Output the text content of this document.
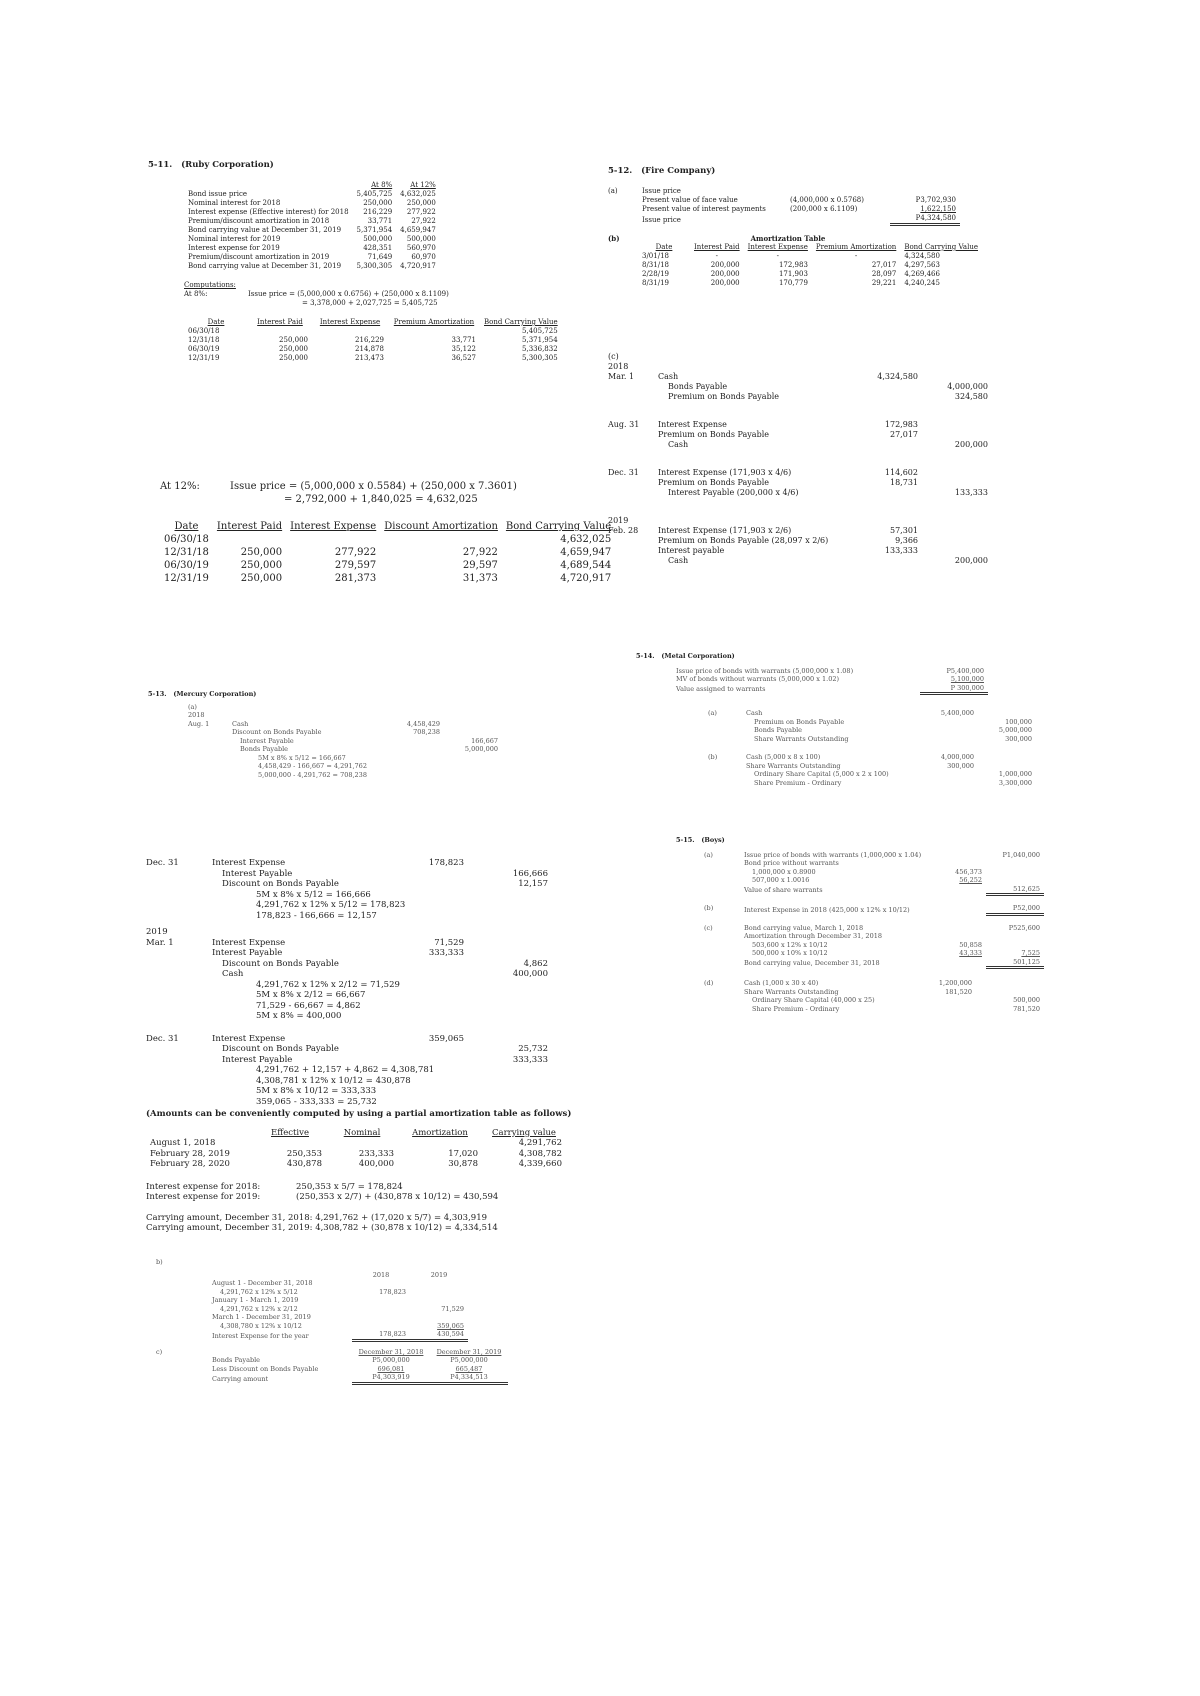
5-11. (Ruby Corporation)
	At 8%	At 12%
Bond issue price	5,405,725	4,632,025
Nominal interest for 2018	250,000	250,000
Interest expense (Effective interest) for 2018	216,229	277,922
Premium/discount amortization in 2018	33,771	27,922
Bond carrying value at December 31, 2019	5,371,954	4,659,947
Nominal interest for 2019	500,000	500,000
Interest expense for 2019	428,351	560,970
Premium/discount amortization in 2019	71,649	60,970
Bond carrying value at December 31, 2019	5,300,305	4,720,917
Computations:
At 8%:	Issue price = (5,000,000 x 0.6756) + (250,000 x 8.1109)
= 3,378,000 + 2,027,725 = 5,405,725
Date	Interest Paid	Interest Expense	Premium Amortization	Bond Carrying Value
06/30/18				5,405,725
12/31/18	250,000	216,229	33,771	5,371,954
06/30/19	250,000	214,878	35,122	5,336,832
12/31/19	250,000	213,473	36,527	5,300,305
At 12%:	Issue price = (5,000,000 x 0.5584) + (250,000 x 7.3601)
= 2,792,000 + 1,840,025 = 4,632,025
Date	Interest Paid	Interest Expense	Discount Amortization	Bond Carrying Value
06/30/18				4,632,025
12/31/18	250,000	277,922	27,922	4,659,947
06/30/19	250,000	279,597	29,597	4,689,544
12/31/19	250,000	281,373	31,373	4,720,917
5-12. (Fire Company)
(a)	Issue price		
Present value of face value	(4,000,000 x 0.5768)	P3,702,930
Present value of interest payments	(200,000 x 6.1109)	1,622,150
Issue price		P4,324,580
(b)	Amortization Table
Date	Interest Paid	Interest Expense	Premium Amortization	Bond Carrying Value
3/01/18	-	-	-	4,324,580
8/31/18	200,000	172,983	27,017	4,297,563
2/28/19	200,000	171,903	28,097	4,269,466
8/31/19	200,000	170,779	29,221	4,240,245
(c)
2018
Mar. 1	Cash	4,324,580	
Bonds Payable		4,000,000
Premium on Bonds Payable		324,580
Aug. 31	Interest Expense	172,983	
Premium on Bonds Payable	27,017	
Cash		200,000
Dec. 31	Interest Expense (171,903 x 4/6)	114,602	
Premium on Bonds Payable	18,731	
Interest Payable (200,000 x 4/6)		133,333
2019
Feb. 28	Interest Expense (171,903 x 2/6)	57,301	
Premium on Bonds Payable (28,097 x 2/6)	9,366	
Interest payable	133,333	
Cash		200,000
5-13. (Mercury Corporation)
(a)
2018
Aug. 1	Cash	4,458,429	
Discount on Bonds Payable	708,238	
Interest Payable		166,667
Bonds Payable		5,000,000
5M x 8% x 5/12 = 166,667
4,458,429 - 166,667 = 4,291,762
5,000,000 - 4,291,762 = 708,238
Dec. 31	Interest Expense	178,823	
Interest Payable		166,666
Discount on Bonds Payable		12,157
5M x 8% x 5/12 = 166,666
4,291,762 x 12% x 5/12 = 178,823
178,823 - 166,666 = 12,157
2019
Mar. 1	Interest Expense	71,529	
Interest Payable	333,333	
Discount on Bonds Payable		4,862
Cash		400,000
4,291,762 x 12% x 2/12 = 71,529
5M x 8% x 2/12 = 66,667
71,529 - 66,667 = 4,862
5M x 8% = 400,000
Dec. 31	Interest Expense	359,065	
Discount on Bonds Payable		25,732
Interest Payable		333,333
4,291,762 + 12,157 + 4,862 = 4,308,781
4,308,781 x 12% x 10/12 = 430,878
5M x 8% x 10/12 = 333,333
359,065 - 333,333 = 25,732
(Amounts can be conveniently computed by using a partial amortization table as follows)
	Effective	Nominal	Amortization	Carrying value
August 1, 2018				4,291,762
February 28, 2019	250,353	233,333	17,020	4,308,782
February 28, 2020	430,878	400,000	30,878	4,339,660
Interest expense for 2018:	250,353 x 5/7 = 178,824
Interest expense for 2019:	(250,353 x 2/7) + (430,878 x 10/12) = 430,594
Carrying amount, December 31, 2018: 4,291,762 + (17,020 x 5/7) = 4,303,919
Carrying amount, December 31, 2019: 4,308,782 + (30,878 x 10/12) = 4,334,514
b)
	2018	2019
August 1 - December 31, 2018		
4,291,762 x 12% x 5/12	178,823	
January 1 - March 1, 2019		
4,291,762 x 12% x 2/12		71,529
March 1 - December 31, 2019		
4,308,780 x 12% x 10/12		359,065
Interest Expense for the year	178,823	430,594
c)
		December 31, 2018	December 31, 2019
Bonds Payable	P5,000,000	P5,000,000
Less Discount on Bonds Payable	696,081	665,487
Carrying amount	P4,303,919	P4,334,513
5-14. (Metal Corporation)
Issue price of bonds with warrants (5,000,000 x 1.08)	P5,400,000
MV of bonds without warrants (5,000,000 x 1.02)	5,100,000
Value assigned to warrants	P 300,000
(a)	Cash	5,400,000	
Premium on Bonds Payable		100,000
Bonds Payable		5,000,000
Share Warrants Outstanding		300,000
(b)	Cash (5,000 x 8 x 100)	4,000,000	
Share Warrants Outstanding	300,000	
Ordinary Share Capital (5,000 x 2 x 100)		1,000,000
Share Premium - Ordinary		3,300,000
5-15. (Boys)
(a)	Issue price of bonds with warrants (1,000,000 x 1.04)		P1,040,000
Bond price without warrants		
1,000,000 x 0.8900	456,373	
507,000 x 1.0016	56,252	
Value of share warrants		512,625
(b)	Interest Expense in 2018 (425,000 x 12% x 10/12)		P52,000
(c)	Bond carrying value, March 1, 2018		P525,600
Amortization through December 31, 2018		
503,600 x 12% x 10/12	50,858	
500,000 x 10% x 10/12	43,333	7,525
Bond carrying value, December 31, 2018		501,125
(d)	Cash (1,000 x 30 x 40)	1,200,000	
Share Warrants Outstanding	181,520	
Ordinary Share Capital (40,000 x 25)		500,000
Share Premium - Ordinary		781,520
